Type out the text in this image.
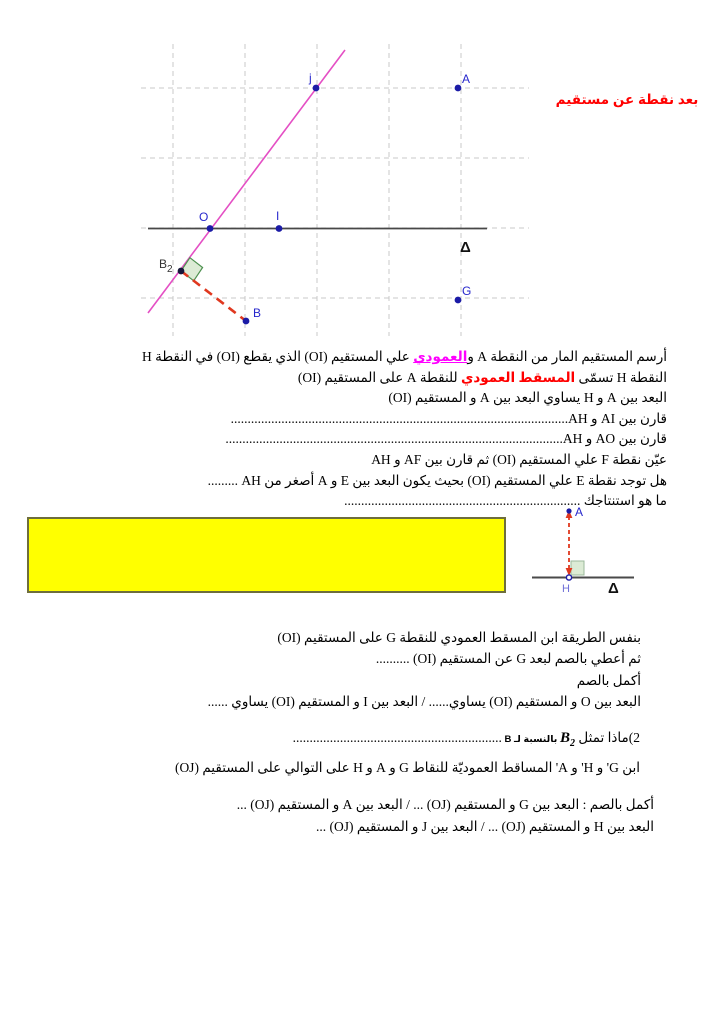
j	A
O	I
$B_2$
B
G
Δ
بعد نقطة عن مستقيم
أرسم المستقيم المار من النقطة A والعمودي علي المستقيم (OI) الذي يقطع (OI) في النقطة H
النقطة H تسمّى المسقط العمودي للنقطة A على المستقيم (OI)
البعد بين A و H يساوي البعد بين A و المستقيم (OI)
قارن بين AI و AH....................................................................................................
قارن بين AO و AH....................................................................................................
عيّن نقطة F علي المستقيم (OI) ثم قارن بين AF و AH
هل توجد نقطة E علي المستقيم (OI) بحيث يكون البعد بين E و A أصغر من AH .........
ما هو استنتاجك ......................................................................
A
H	Δ
بنفس الطريقة ابن المسقط العمودي للنقطة G على المستقيم (OI)
ثم أعطي بالصم لبعد G عن المستقيم (OI) ..........
أكمل بالصم
البعد بين O و المستقيم (OI) يساوي...... / البعد بين I و المستقيم (OI) يساوي ......
2)ماذا تمثل $B_2$ بالنسبة لـ B ..............................................................
ابن G' و H' و A' المساقط العموديّة للنقاط G و A و H على التوالي على المستقيم (OJ)
أكمل بالصم : البعد بين G و المستقيم (OJ) ... / البعد بين A و المستقيم (OJ) ...
البعد بين H و المستقيم (OJ) ... / البعد بين J و المستقيم (OJ) ...
